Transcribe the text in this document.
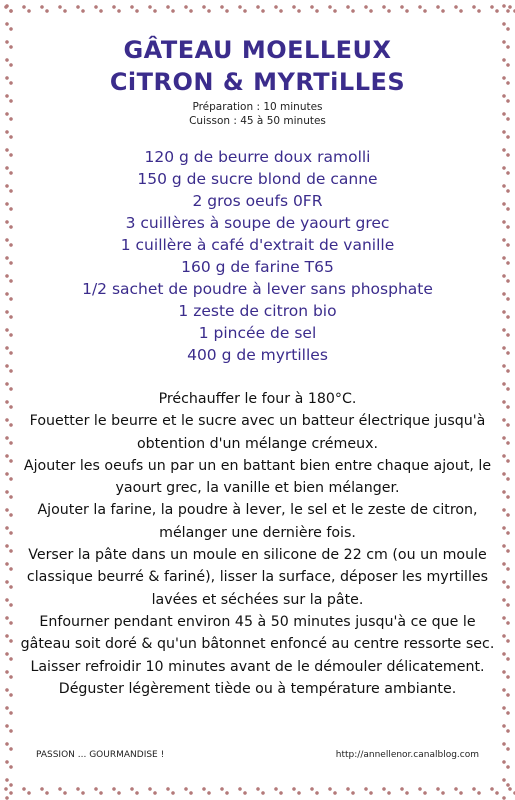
GÂTEAU MOELLEUX
CiTRON & MYRTiLLES
Préparation : 10 minutes
Cuisson : 45 à 50 minutes
120 g de beurre doux ramolli
150 g de sucre blond de canne
2 gros oeufs 0FR
3 cuillères à soupe de yaourt grec
1 cuillère à café d'extrait de vanille
160 g de farine T65
1/2 sachet de poudre à lever sans phosphate
1 zeste de citron bio
1 pincée de sel
400 g de myrtilles

Préchauffer le four à 180°C.

Fouetter le beurre et le sucre avec un batteur électrique jusqu'à obtention d'un mélange crémeux.

Ajouter les oeufs un par un en battant bien entre chaque ajout, le yaourt grec, la vanille et bien mélanger.

Ajouter la farine, la poudre à lever, le sel et le zeste de citron, mélanger une dernière fois.

Verser la pâte dans un moule en silicone de 22 cm (ou un moule classique beurré & fariné), lisser la surface, déposer les myrtilles lavées et séchées sur la pâte.

Enfourner pendant environ 45 à 50 minutes jusqu'à ce que le gâteau soit doré & qu'un bâtonnet enfoncé au centre ressorte sec. Laisser refroidir 10 minutes avant de le démouler délicatement.

Déguster légèrement tiède ou à température ambiante.

PASSION ... GOURMANDISE !	http://annellenor.canalblog.com
